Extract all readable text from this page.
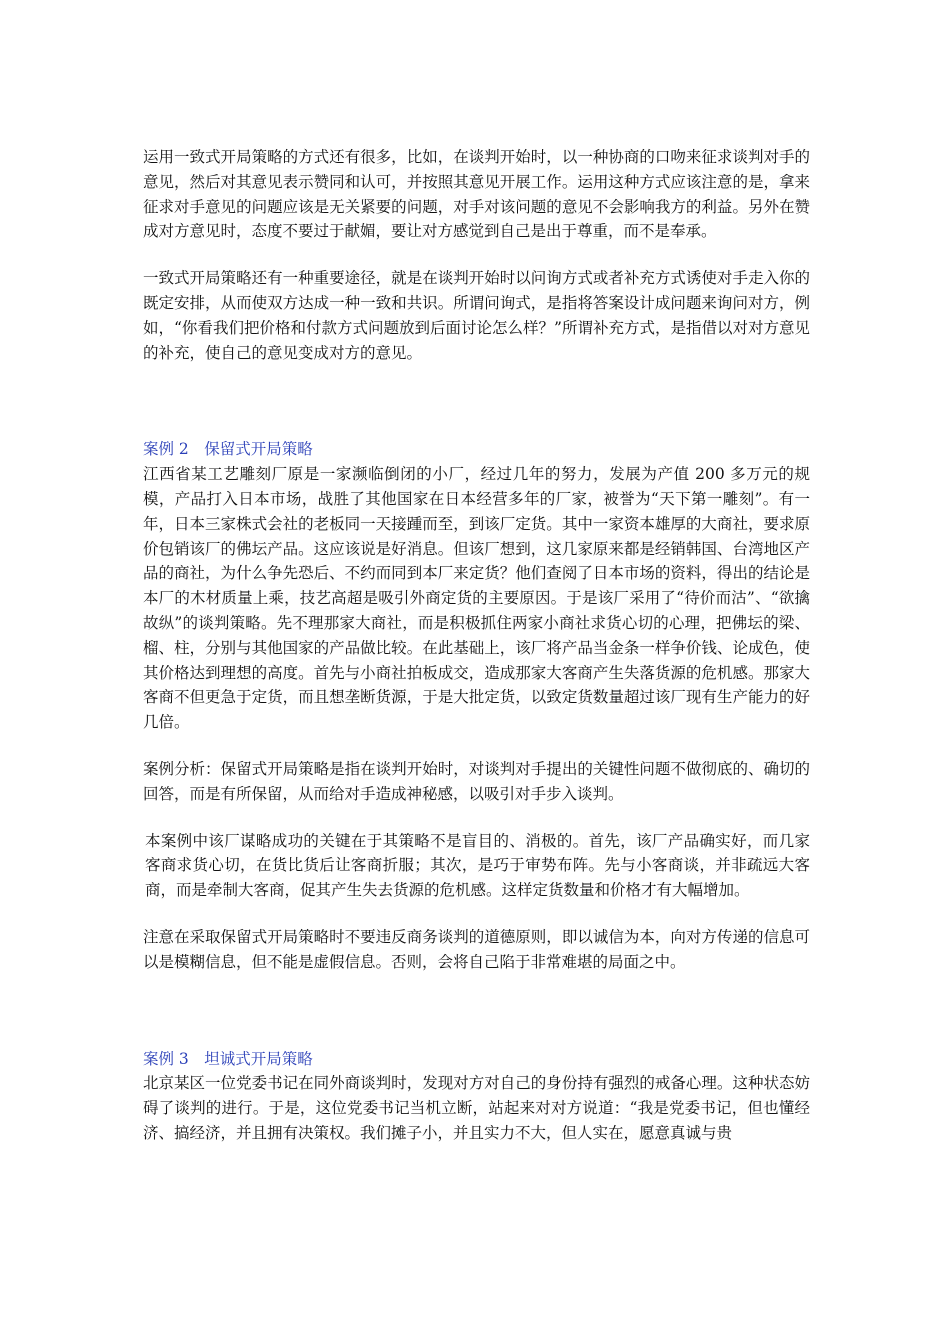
运用一致式开局策略的方式还有很多，比如，在谈判开始时，以一种协商的口吻来征求谈判对手的意见，然后对其意见表示赞同和认可，并按照其意见开展工作。运用这种方式应该注意的是，拿来征求对手意见的问题应该是无关紧要的问题，对手对该问题的意见不会影响我方的利益。另外在赞成对方意见时，态度不要过于献媚，要让对方感觉到自己是出于尊重，而不是奉承。

一致式开局策略还有一种重要途径，就是在谈判开始时以问询方式或者补充方式诱使对手走入你的既定安排，从而使双方达成一种一致和共识。所谓问询式，是指将答案设计成问题来询问对方，例如，“你看我们把价格和付款方式问题放到后面讨论怎么样？”所谓补充方式，是指借以对对方意见的补充，使自己的意见变成对方的意见。

案例 2　保留式开局策略

江西省某工艺雕刻厂原是一家濒临倒闭的小厂，经过几年的努力，发展为产值 200 多万元的规模，产品打入日本市场，战胜了其他国家在日本经营多年的厂家，被誉为“天下第一雕刻”。有一年，日本三家株式会社的老板同一天接踵而至，到该厂定货。其中一家资本雄厚的大商社，要求原价包销该厂的佛坛产品。这应该说是好消息。但该厂想到，这几家原来都是经销韩国、台湾地区产品的商社，为什么争先恐后、不约而同到本厂来定货？他们查阅了日本市场的资料，得出的结论是本厂的木材质量上乘，技艺高超是吸引外商定货的主要原因。于是该厂采用了“待价而沽”、“欲擒故纵”的谈判策略。先不理那家大商社，而是积极抓住两家小商社求货心切的心理，把佛坛的梁、榴、柱，分别与其他国家的产品做比较。在此基础上，该厂将产品当金条一样争价钱、论成色，使其价格达到理想的高度。首先与小商社拍板成交，造成那家大客商产生失落货源的危机感。那家大客商不但更急于定货，而且想垄断货源，于是大批定货，以致定货数量超过该厂现有生产能力的好几倍。

案例分析：保留式开局策略是指在谈判开始时，对谈判对手提出的关键性问题不做彻底的、确切的回答，而是有所保留，从而给对手造成神秘感，以吸引对手步入谈判。

本案例中该厂谋略成功的关键在于其策略不是盲目的、消极的。首先，该厂产品确实好，而几家客商求货心切，在货比货后让客商折服；其次，是巧于审势布阵。先与小客商谈，并非疏远大客商，而是牵制大客商，促其产生失去货源的危机感。这样定货数量和价格才有大幅增加。

注意在采取保留式开局策略时不要违反商务谈判的道德原则，即以诚信为本，向对方传递的信息可以是模糊信息，但不能是虚假信息。否则，会将自己陷于非常难堪的局面之中。

案例 3　坦诚式开局策略

北京某区一位党委书记在同外商谈判时，发现对方对自己的身份持有强烈的戒备心理。这种状态妨碍了谈判的进行。于是，这位党委书记当机立断，站起来对对方说道：“我是党委书记，但也懂经济、搞经济，并且拥有决策权。我们摊子小，并且实力不大，但人实在，愿意真诚与贵
